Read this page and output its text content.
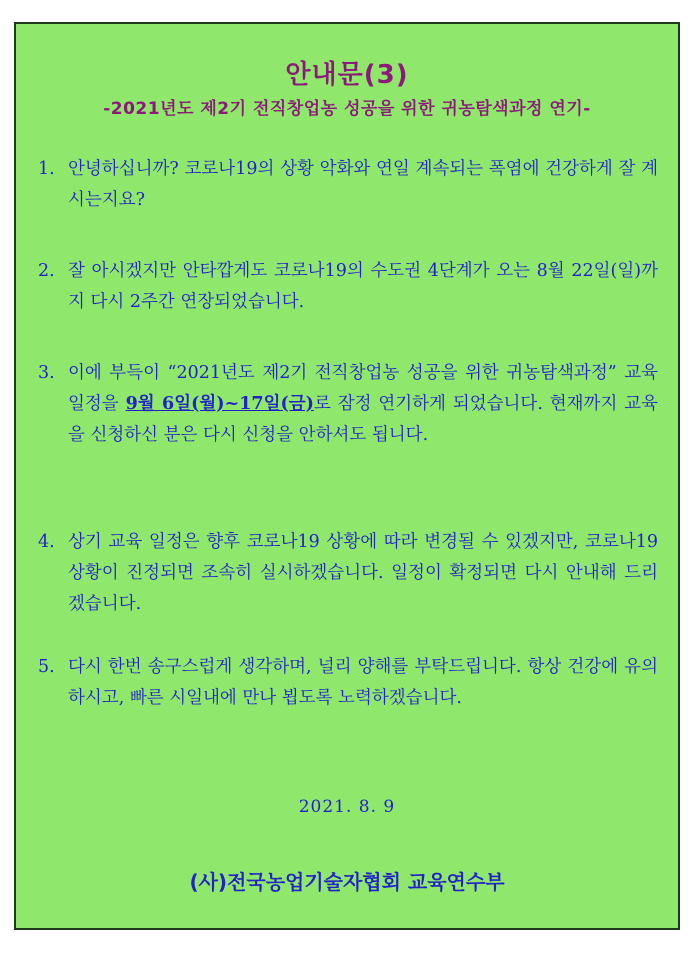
안내문(3)
-2021년도 제2기 전직창업농 성공을 위한 귀농탐색과정 연기-
1. 안녕하십니까? 코로나19의 상황 악화와 연일 계속되는 폭염에 건강하게 잘 계시는지요?
2. 잘 아시겠지만 안타깝게도 코로나19의 수도권 4단계가 오는 8월 22일(일)까지 다시 2주간 연장되었습니다.
3. 이에 부득이 “2021년도 제2기 전직창업농 성공을 위한 귀농탐색과정” 교육 일정을 9월 6일(월)~17일(금)로 잠정 연기하게 되었습니다. 현재까지 교육을 신청하신 분은 다시 신청을 안하셔도 됩니다.
4. 상기 교육 일정은 향후 코로나19 상황에 따라 변경될 수 있겠지만, 코로나19 상황이 진정되면 조속히 실시하겠습니다. 일정이 확정되면 다시 안내해 드리겠습니다.
5. 다시 한번 송구스럽게 생각하며, 널리 양해를 부탁드립니다. 항상 건강에 유의하시고, 빠른 시일내에 만나 뵙도록 노력하겠습니다.
2021. 8. 9
(사)전국농업기술자협회 교육연수부
